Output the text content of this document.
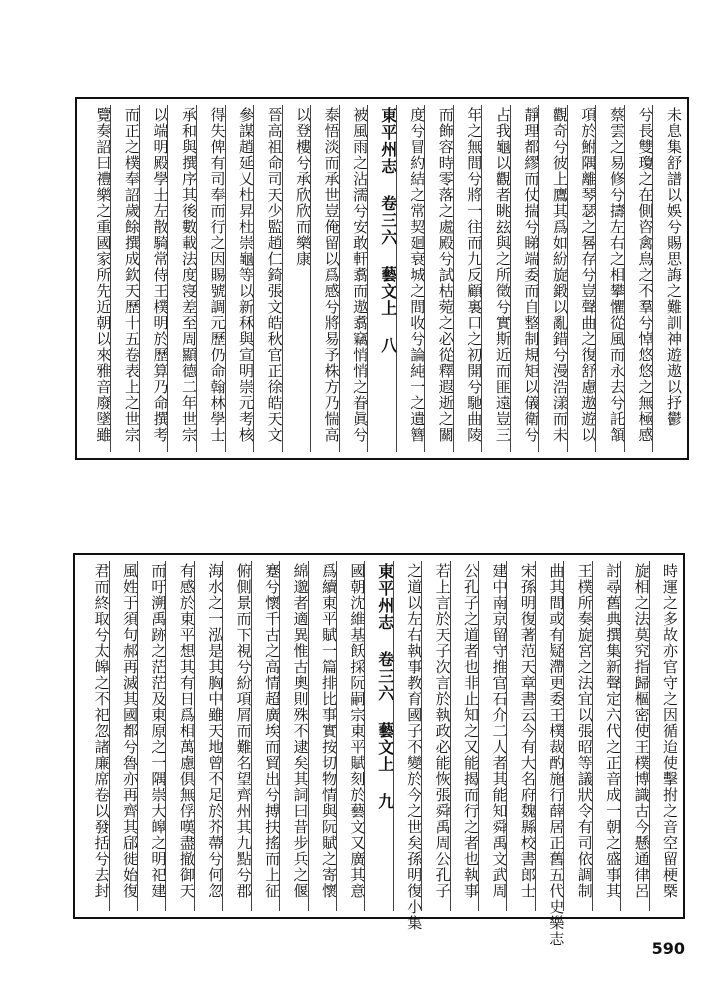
未息集舒譜以娛兮賜思誨之難訓神遊遨以抒鬱
兮長雙瓊之在側咨禽鳥之不羣兮悼悠悠之無極感
蔡雲之易修兮擣左右之相攀懼從風而永去兮託頷
項於鮒隅離琴瑟之晷存兮豈聲曲之復舒慮遨遊以
觀奇兮彼上鷹其爲如紛旋鍛以亂錯兮漫浩漾而未
靜理都繆而仗揣兮睇端委而自整制規矩以儀衛兮
占我龜以觀者眺玆與之所徵兮實斯近而匪遠豈三
年之無間兮將一往而九反顧裏口之初開兮馳曲陵
而飾容時零落之處殿兮試枯菀之必從釋遐逝之關
度兮冒約結之常契廻衰城之間收兮論純一之遺簪
東平州志 卷三六 藝文上 八
被風雨之沾濡兮安敢軒翥而遨翥竊悄悄之眷眞兮
泰悟淡而承世豈俺留以爲感兮將易予株方乃惴高
以登樓兮承欣欣而樂康
晉高祖命司天少監趙仁錡張文皓秋官正徐皓天文
參謀趙延乂杜昇杜崇龜等以新秝與宣明崇元考核
得失俾有司奉而行之因賜號調元歷仍命翰林學士
承和與撰序其後數載法度寖差至周顯德二年世宗
以端明殿學士左散騎常侍王樸明於歷算乃命撰考
而正之樸奉詔歲餘撰成欽天歷十五卷表上之世宗
覽奏詔曰禮樂之重國家所先近朝以來雅音廢墜雖
時運之多故亦官守之因循迨使擊拊之音空留梗槩
旋相之法莫究指歸樞密使王樸博識古今懸通律呂
討尋舊典撰集新聲定六代之正音成一朝之盛事其
王樸所奏旋宮之法宜以張昭等議狀令有司依調制
曲其間或有疑滯更委王樸裁酌施行薛居正舊五代史樂志
宋孫明復著范天章書云今有大名府魏縣校書郎士
建中南京留守推官石介二人者其能知舜禹文武周
公孔子之道者也非止知之又能揭而行之者也執事
若上言於天子次言於執政必能恢張舜禹周公孔子
之道以左右執事教育國子不變於今之世矣孫明復小集
東平州志 卷三六 藝文上 九
國朝沈維基飫採阮嗣宗東平賦刻於藝文又廣其意
爲續東平賦一篇排比事實按切物情與阮賦之寄懷
綿邈者適異惟古奧則殊不逮矣其詞曰昔步兵之偃
蹇兮懷千古之高情超廣埃而貿出兮搏扶搖而上征
俯側景而下視兮紛項屑而難名望齊州其九點兮郡
海水之一泓是其胸中雖天地曾不足於芥蔕兮何忽
有感於東平想其有日爲相萬慮俱無俘嘆盡撤御天
而吁溯禹跡之茫茫及東原之一隅崇大皞之明祀建
風姓于須句郝再滅其國都兮魯亦再齊其郈徙始復
君而終取兮太皞之不祀忽諸廉席卷以發括兮去封
590
